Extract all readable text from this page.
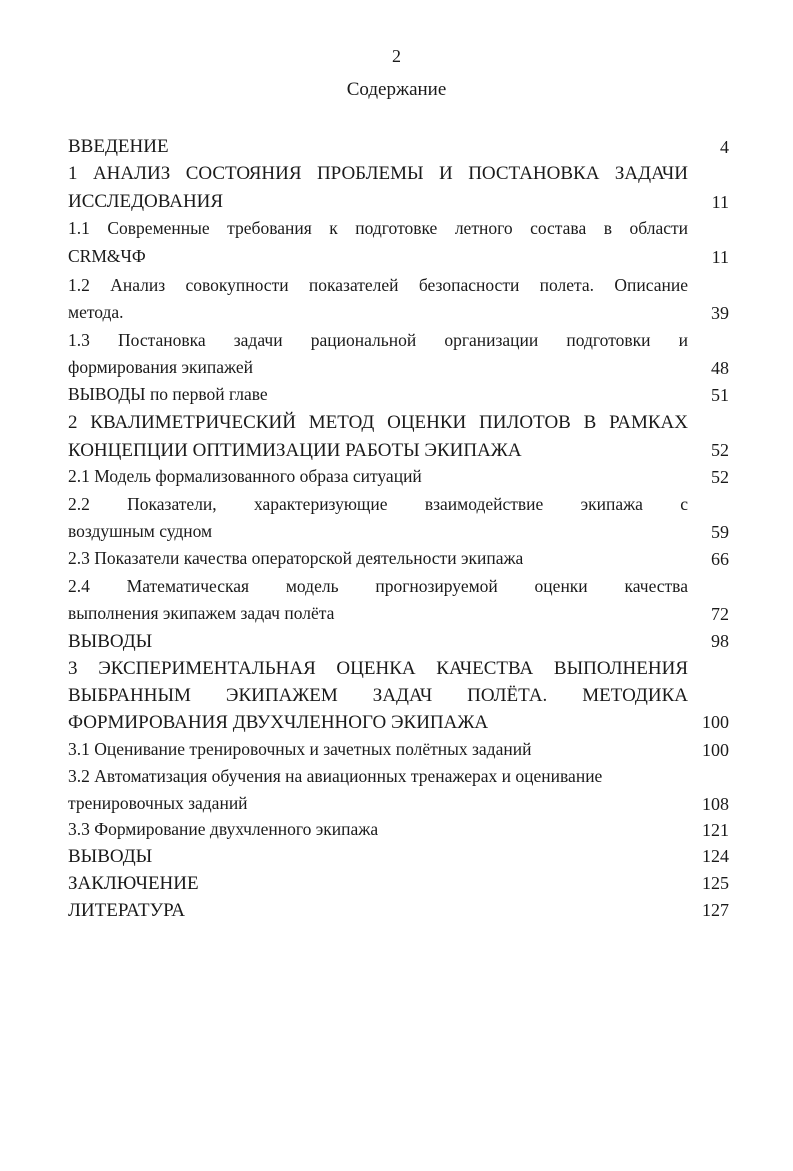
2
Содержание
ВВЕДЕНИЕ	4
1 АНАЛИЗ СОСТОЯНИЯ ПРОБЛЕМЫ И ПОСТАНОВКА ЗАДАЧИ
ИССЛЕДОВАНИЯ	11
1.1 Современные требования к подготовке летного состава в области
CRM&ЧФ	11
1.2 Анализ совокупности показателей безопасности полета. Описание
метода.	39
1.3 Постановка задачи рациональной организации подготовки и
формирования экипажей	48
ВЫВОДЫ по первой главе	51
2 КВАЛИМЕТРИЧЕСКИЙ МЕТОД ОЦЕНКИ ПИЛОТОВ В РАМКАХ
КОНЦЕПЦИИ ОПТИМИЗАЦИИ РАБОТЫ ЭКИПАЖА	52
2.1 Модель формализованного образа ситуаций	52
2.2 Показатели, характеризующие взаимодействие экипажа с
воздушным судном	59
2.3 Показатели качества операторской деятельности экипажа	66
2.4 Математическая модель прогнозируемой оценки качества
выполнения экипажем задач полёта	72
ВЫВОДЫ	98
3 ЭКСПЕРИМЕНТАЛЬНАЯ ОЦЕНКА КАЧЕСТВА ВЫПОЛНЕНИЯ
ВЫБРАННЫМ ЭКИПАЖЕМ ЗАДАЧ ПОЛЁТА. МЕТОДИКА
ФОРМИРОВАНИЯ ДВУХЧЛЕННОГО ЭКИПАЖА	100
3.1 Оценивание тренировочных и зачетных полётных заданий	100
3.2 Автоматизация обучения на авиационных тренажерах и оценивание
тренировочных заданий	108
3.3 Формирование двухчленного экипажа	121
ВЫВОДЫ	124
ЗАКЛЮЧЕНИЕ	125
ЛИТЕРАТУРА	127
